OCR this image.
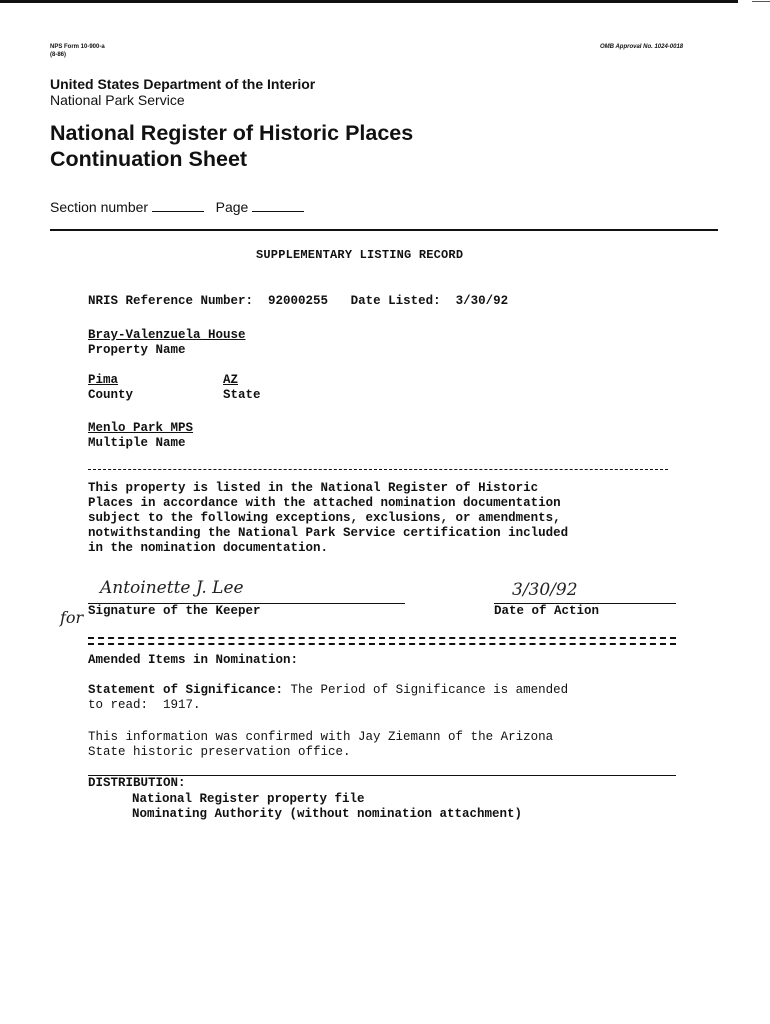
NPS Form 10-900-a
(8-86)
OMB Approval No. 1024-0018
United States Department of the Interior
National Park Service
National Register of Historic Places
Continuation Sheet
Section number	Page
SUPPLEMENTARY LISTING RECORD
NRIS Reference Number: 92000255 Date Listed: 3/30/92
Bray-Valenzuela House
Property Name
Pima	AZ
County	State
Menlo Park MPS
Multiple Name
This property is listed in the National Register of Historic
Places in accordance with the attached nomination documentation
subject to the following exceptions, exclusions, or amendments,
notwithstanding the National Park Service certification included
in the nomination documentation.
Antoinette J. Lee
for Signature of the Keeper
3/30/92
Date of Action
Amended Items in Nomination:
Statement of Significance: The Period of Significance is amended
to read:  1917.
This information was confirmed with Jay Ziemann of the Arizona
State historic preservation office.
DISTRIBUTION:
National Register property file
Nominating Authority (without nomination attachment)
